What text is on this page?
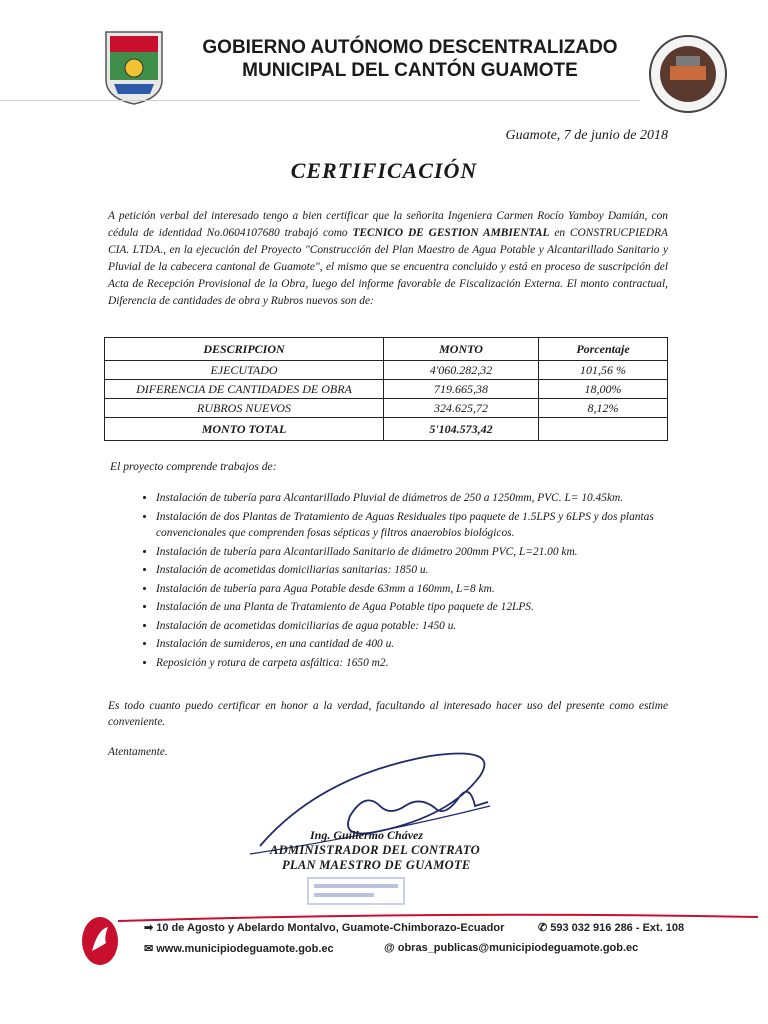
GOBIERNO AUTÓNOMO DESCENTRALIZADO
MUNICIPAL DEL CANTÓN GUAMOTE
Guamote, 7 de junio de 2018
CERTIFICACIÓN
A petición verbal del interesado tengo a bien certificar que la señorita Ingeniera Carmen Rocío Yamboy Damián, con cédula de identidad No.0604107680 trabajó como TECNICO DE GESTION AMBIENTAL en CONSTRUCPIEDRA CIA. LTDA., en la ejecución del Proyecto "Construcción del Plan Maestro de Agua Potable y Alcantarillado Sanitario y Pluvial de la cabecera cantonal de Guamote", el mismo que se encuentra concluido y está en proceso de suscripción del Acta de Recepción Provisional de la Obra, luego del informe favorable de Fiscalización Externa. El monto contractual, Diferencia de cantidades de obra y Rubros nuevos son de:
DESCRIPCION	MONTO	Porcentaje
EJECUTADO	4'060.282,32	101,56 %
DIFERENCIA DE CANTIDADES DE OBRA	719.665,38	18,00%
RUBROS NUEVOS	324.625,72	8,12%
MONTO TOTAL	5'104.573,42	
El proyecto comprende trabajos de:
• Instalación de tubería para Alcantarillado Pluvial de diámetros de 250 a 1250mm, PVC. L= 10.45km.
• Instalación de dos Plantas de Tratamiento de Aguas Residuales tipo paquete de 1.5LPS y 6LPS y dos plantas convencionales que comprenden fosas sépticas y filtros anaerobios biológicos.
• Instalación de tubería para Alcantarillado Sanitario de diámetro 200mm PVC, L=21.00 km.
• Instalación de acometidas domiciliarias sanitarias: 1850 u.
• Instalación de tubería para Agua Potable desde 63mm a 160mm, L=8 km.
• Instalación de una Planta de Tratamiento de Agua Potable tipo paquete de 12LPS.
• Instalación de acometidas domiciliarias de agua potable: 1450 u.
• Instalación de sumideros, en una cantidad de 400 u.
• Reposición y rotura de carpeta asfáltica: 1650 m2.
Es todo cuanto puedo certificar en honor a la verdad, facultando al interesado hacer uso del presente como estime conveniente.
Atentamente.
Ing. Guillermo Chávez
ADMINISTRADOR DEL CONTRATO
PLAN MAESTRO DE GUAMOTE
➡ 10 de Agosto y Abelardo Montalvo, Guamote-Chimborazo-Ecuador	✆ 593 032 916 286 - Ext. 108
✉ www.municipiodeguamote.gob.ec	@ obras_publicas@municipiodeguamote.gob.ec
